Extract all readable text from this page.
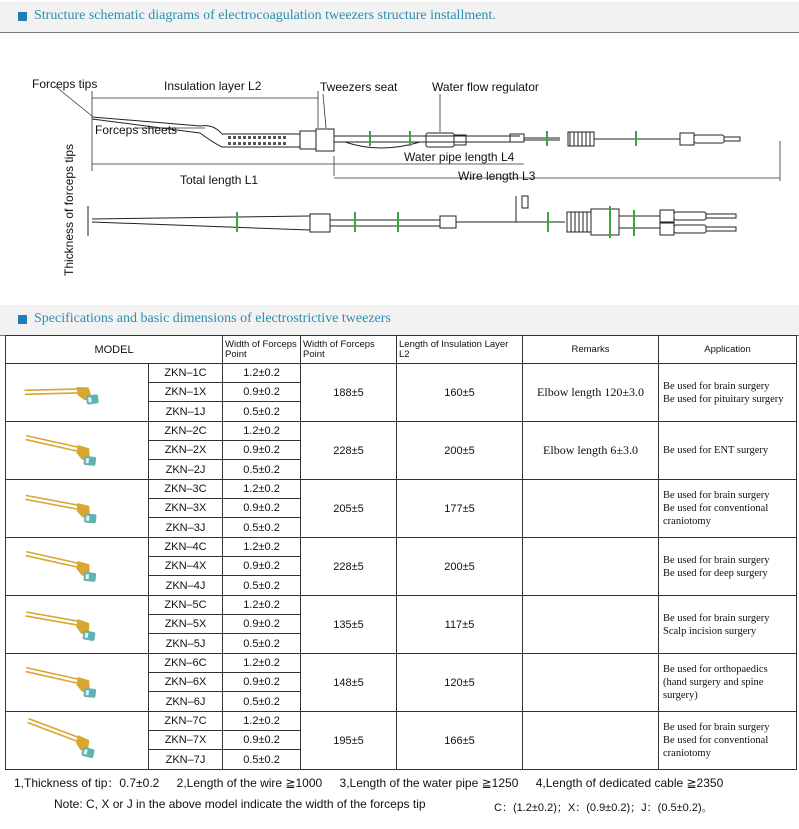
Structure schematic diagrams of electrocoagulation tweezers structure installment.
Forceps tips	Insulation layer L2	Tweezers seat	Water flow regulator
Forceps sheets
Water pipe length L4
Total length L1	Wire length L3
Thickness of forceps tips
Specifications and basic dimensions of electrostrictive tweezers
MODEL		Width of Forceps Point	Width of Forceps Point	Length of Insulation Layer L2	Remarks	Application
	ZKN–1C	1.2±0.2	188±5	160±5	Elbow length 120±3.0	Be used for brain surgery
Be used for pituitary surgery

	ZKN–1X	0.9±0.2				
	ZKN–1J	0.5±0.2				
	ZKN–2C	1.2±0.2	228±5	200±5	Elbow length 6±3.0	Be used for ENT surgery

	ZKN–2X	0.9±0.2				
	ZKN–2J	0.5±0.2				
	ZKN–3C	1.2±0.2	205±5	177±5		Be used for brain surgery
Be used for conventional craniotomy

	ZKN–3X	0.9±0.2				
	ZKN–3J	0.5±0.2				
	ZKN–4C	1.2±0.2	228±5	200±5		Be used for brain surgery
Be used for deep surgery

	ZKN–4X	0.9±0.2				
	ZKN–4J	0.5±0.2				
	ZKN–5C	1.2±0.2	135±5	117±5		Be used for brain surgery
Scalp incision surgery

	ZKN–5X	0.9±0.2				
	ZKN–5J	0.5±0.2				
	ZKN–6C	1.2±0.2	148±5	120±5		Be used for orthopaedics (hand surgery and spine surgery)

	ZKN–6X	0.9±0.2				
	ZKN–6J	0.5±0.2				
	ZKN–7C	1.2±0.2	195±5	166±5		Be used for brain surgery
Be used for conventional craniotomy

	ZKN–7X	0.9±0.2				
	ZKN–7J	0.5±0.2				
1,Thickness of tip：0.7±0.2 2,Length of the wire ≧1000 3,Length of the water pipe ≧1250 4,Length of dedicated cable ≧2350
Note: C, X or J in the above model indicate the width of the forceps tip	C：(1.2±0.2)；X：(0.9±0.2)；J：(0.5±0.2)。
